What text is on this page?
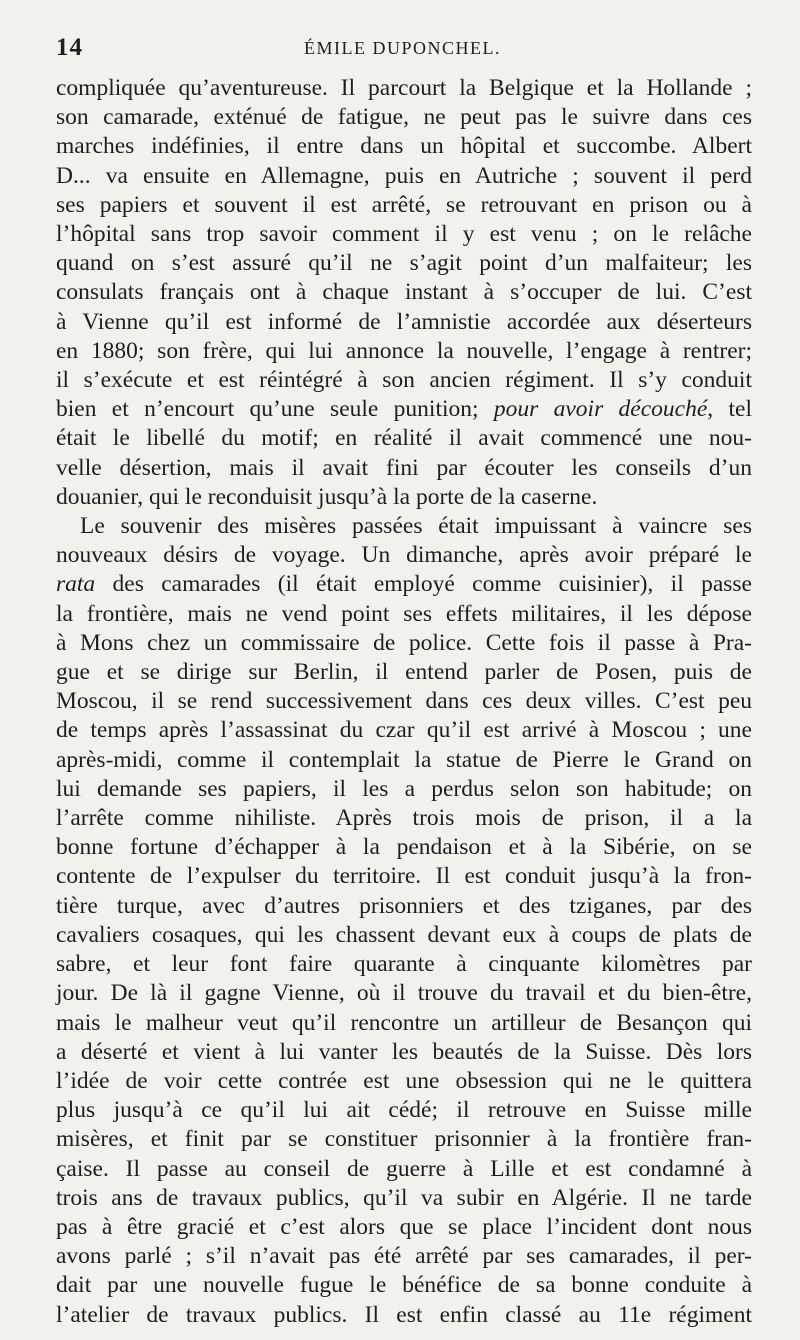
14	ÉMILE DUPONCHEL.
compliquée qu’aventureuse. Il parcourt la Belgique et la Hollande ;
son camarade, exténué de fatigue, ne peut pas le suivre dans ces
marches indéfinies, il entre dans un hôpital et succombe. Albert
D... va ensuite en Allemagne, puis en Autriche ; souvent il perd
ses papiers et souvent il est arrêté, se retrouvant en prison ou à
l’hôpital sans trop savoir comment il y est venu ; on le relâche
quand on s’est assuré qu’il ne s’agit point d’un malfaiteur; les
consulats français ont à chaque instant à s’occuper de lui. C’est
à Vienne qu’il est informé de l’amnistie accordée aux déserteurs
en 1880; son frère, qui lui annonce la nouvelle, l’engage à rentrer;
il s’exécute et est réintégré à son ancien régiment. Il s’y conduit
bien et n’encourt qu’une seule punition; pour avoir découché, tel
était le libellé du motif; en réalité il avait commencé une nou-
velle désertion, mais il avait fini par écouter les conseils d’un
douanier, qui le reconduisit jusqu’à la porte de la caserne.
Le souvenir des misères passées était impuissant à vaincre ses
nouveaux désirs de voyage. Un dimanche, après avoir préparé le
rata des camarades (il était employé comme cuisinier), il passe
la frontière, mais ne vend point ses effets militaires, il les dépose
à Mons chez un commissaire de police. Cette fois il passe à Pra-
gue et se dirige sur Berlin, il entend parler de Posen, puis de
Moscou, il se rend successivement dans ces deux villes. C’est peu
de temps après l’assassinat du czar qu’il est arrivé à Moscou ; une
après-midi, comme il contemplait la statue de Pierre le Grand on
lui demande ses papiers, il les a perdus selon son habitude; on
l’arrête comme nihiliste. Après trois mois de prison, il a la
bonne fortune d’échapper à la pendaison et à la Sibérie, on se
contente de l’expulser du territoire. Il est conduit jusqu’à la fron-
tière turque, avec d’autres prisonniers et des tziganes, par des
cavaliers cosaques, qui les chassent devant eux à coups de plats de
sabre, et leur font faire quarante à cinquante kilomètres par
jour. De là il gagne Vienne, où il trouve du travail et du bien-être,
mais le malheur veut qu’il rencontre un artilleur de Besançon qui
a déserté et vient à lui vanter les beautés de la Suisse. Dès lors
l’idée de voir cette contrée est une obsession qui ne le quittera
plus jusqu’à ce qu’il lui ait cédé; il retrouve en Suisse mille
misères, et finit par se constituer prisonnier à la frontière fran-
çaise. Il passe au conseil de guerre à Lille et est condamné à
trois ans de travaux publics, qu’il va subir en Algérie. Il ne tarde
pas à être gracié et c’est alors que se place l’incident dont nous
avons parlé ; s’il n’avait pas été arrêté par ses camarades, il per-
dait par une nouvelle fugue le bénéfice de sa bonne conduite à
l’atelier de travaux publics. Il est enfin classé au 11e régiment
